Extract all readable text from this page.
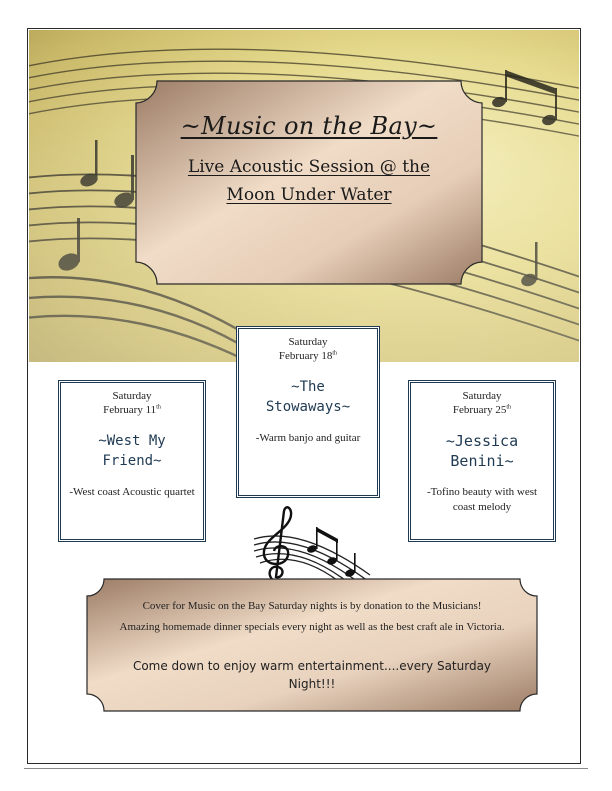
~Music on the Bay~
Live Acoustic Session @ the
Moon Under Water
Saturday
February 11th
~West My
Friend~
-West coast Acoustic quartet
Saturday
February 18th
~The
Stowaways~
-Warm banjo and guitar
Saturday
February 25th
~Jessica
Benini~
-Tofino beauty with west coast melody
Cover for Music on the Bay Saturday nights is by donation to the Musicians!
Amazing homemade dinner specials every night as well as the best craft ale in Victoria.
Come down to enjoy warm entertainment....every Saturday Night!!!
